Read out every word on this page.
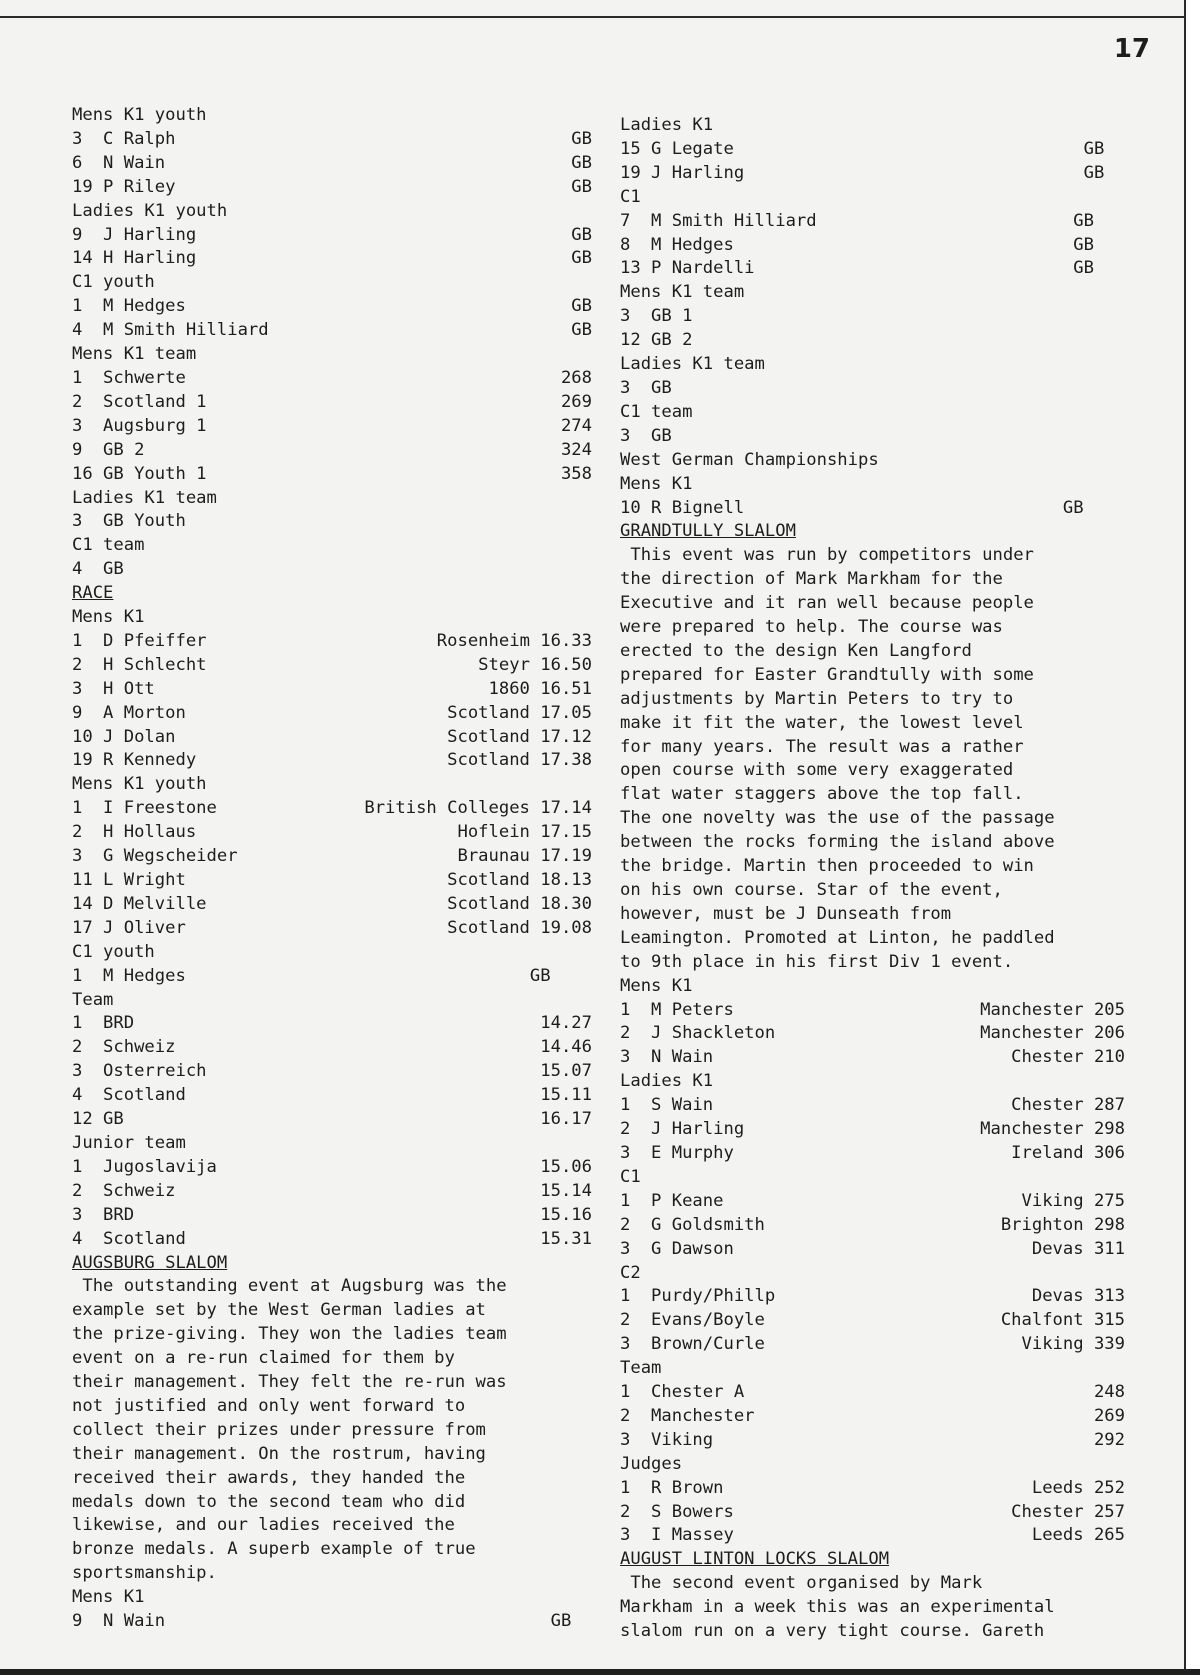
17
Mens K1 youth
3  C Ralph	GB
6  N Wain	GB
19 P Riley	GB
Ladies K1 youth
9  J Harling	GB
14 H Harling	GB
C1 youth
1  M Hedges	GB
4  M Smith Hilliard	GB
Mens K1 team
1  Schwerte	268
2  Scotland 1	269
3  Augsburg 1	274
9  GB 2	324
16 GB Youth 1	358
Ladies K1 team
3  GB Youth
C1 team
4  GB
RACE
Mens K1
1  D Pfeiffer	Rosenheim 16.33
2  H Schlecht	Steyr 16.50
3  H Ott	1860 16.51
9  A Morton	Scotland 17.05
10 J Dolan	Scotland 17.12
19 R Kennedy	Scotland 17.38
Mens K1 youth
1  I Freestone	British Colleges 17.14
2  H Hollaus	Hoflein 17.15
3  G Wegscheider	Braunau 17.19
11 L Wright	Scotland 18.13
14 D Melville	Scotland 18.30
17 J Oliver	Scotland 19.08
C1 youth
1  M Hedges	GB
Team
1  BRD	14.27
2  Schweiz	14.46
3  Osterreich	15.07
4  Scotland	15.11
12 GB	16.17
Junior team
1  Jugoslavija	15.06
2  Schweiz	15.14
3  BRD	15.16
4  Scotland	15.31
AUGSBURG SLALOM
The outstanding event at Augsburg was the
example set by the West German ladies at
the prize-giving. They won the ladies team
event on a re-run claimed for them by
their management. They felt the re-run was
not justified and only went forward to
collect their prizes under pressure from
their management. On the rostrum, having
received their awards, they handed the
medals down to the second team who did
likewise, and our ladies received the
bronze medals. A superb example of true
sportsmanship.
Mens K1
9  N Wain	GB
Ladies K1
15 G Legate	GB
19 J Harling	GB
C1
7  M Smith Hilliard	GB
8  M Hedges	GB
13 P Nardelli	GB
Mens K1 team
3  GB 1
12 GB 2
Ladies K1 team
3  GB
C1 team
3  GB
West German Championships
Mens K1
10 R Bignell	GB
GRANDTULLY SLALOM
This event was run by competitors under
the direction of Mark Markham for the
Executive and it ran well because people
were prepared to help. The course was
erected to the design Ken Langford
prepared for Easter Grandtully with some
adjustments by Martin Peters to try to
make it fit the water, the lowest level
for many years. The result was a rather
open course with some very exaggerated
flat water staggers above the top fall.
The one novelty was the use of the passage
between the rocks forming the island above
the bridge. Martin then proceeded to win
on his own course. Star of the event,
however, must be J Dunseath from
Leamington. Promoted at Linton, he paddled
to 9th place in his first Div 1 event.
Mens K1
1  M Peters	Manchester 205
2  J Shackleton	Manchester 206
3  N Wain	Chester 210
Ladies K1
1  S Wain	Chester 287
2  J Harling	Manchester 298
3  E Murphy	Ireland 306
C1
1  P Keane	Viking 275
2  G Goldsmith	Brighton 298
3  G Dawson	Devas 311
C2
1  Purdy/Phillp	Devas 313
2  Evans/Boyle	Chalfont 315
3  Brown/Curle	Viking 339
Team
1  Chester A	248
2  Manchester	269
3  Viking	292
Judges
1  R Brown	Leeds 252
2  S Bowers	Chester 257
3  I Massey	Leeds 265
AUGUST LINTON LOCKS SLALOM
The second event organised by Mark
Markham in a week this was an experimental
slalom run on a very tight course. Gareth
